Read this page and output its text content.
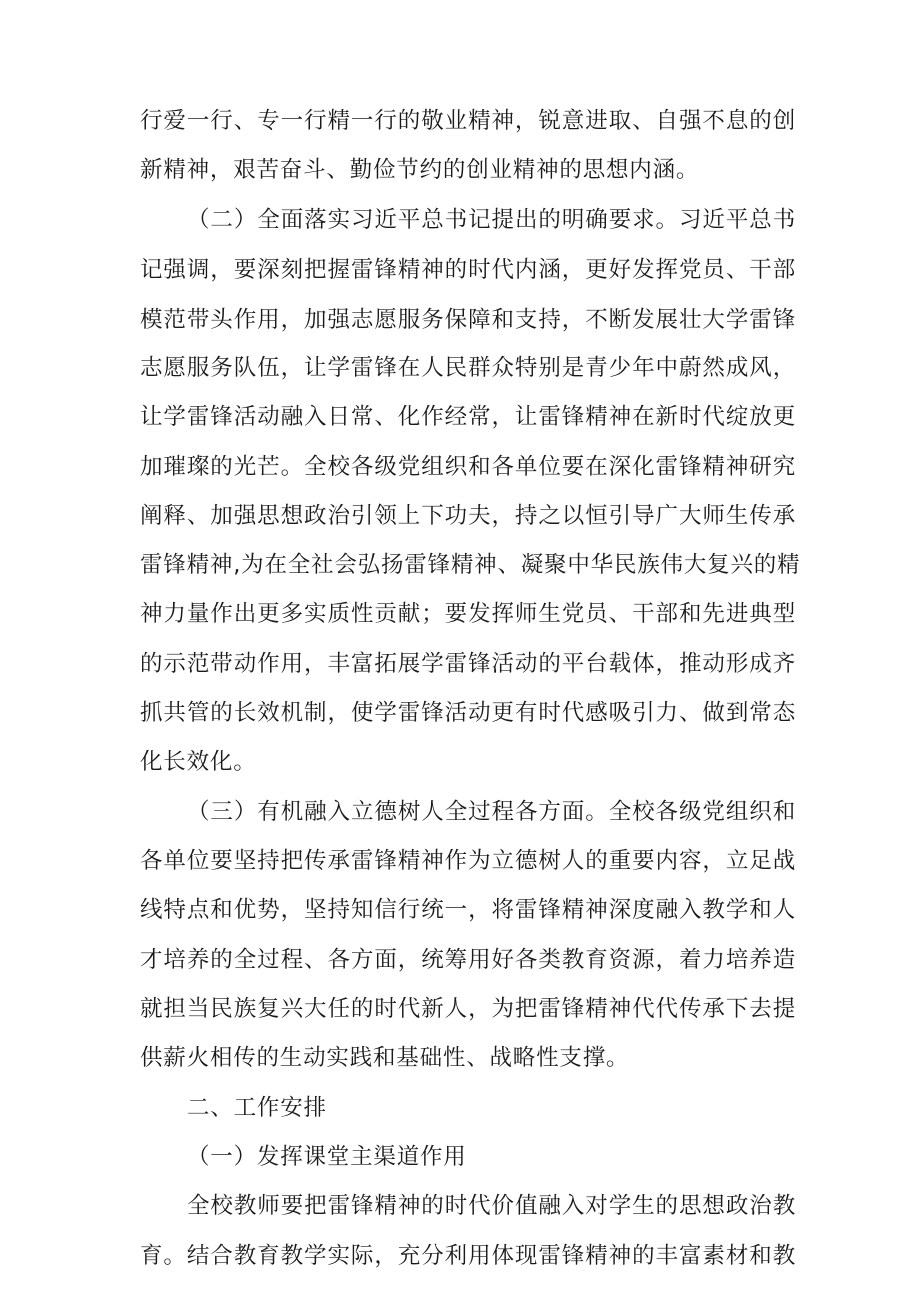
行爱一行、专一行精一行的敬业精神，锐意进取、自强不息的创
新精神，艰苦奋斗、勤俭节约的创业精神的思想内涵。
（二）全面落实习近平总书记提出的明确要求。习近平总书
记强调，要深刻把握雷锋精神的时代内涵，更好发挥党员、干部
模范带头作用，加强志愿服务保障和支持，不断发展壮大学雷锋
志愿服务队伍，让学雷锋在人民群众特别是青少年中蔚然成风，
让学雷锋活动融入日常、化作经常，让雷锋精神在新时代绽放更
加璀璨的光芒。全校各级党组织和各单位要在深化雷锋精神研究
阐释、加强思想政治引领上下功夫，持之以恒引导广大师生传承
雷锋精神,为在全社会弘扬雷锋精神、凝聚中华民族伟大复兴的精
神力量作出更多实质性贡献；要发挥师生党员、干部和先进典型
的示范带动作用，丰富拓展学雷锋活动的平台载体，推动形成齐
抓共管的长效机制，使学雷锋活动更有时代感吸引力、做到常态
化长效化。
（三）有机融入立德树人全过程各方面。全校各级党组织和
各单位要坚持把传承雷锋精神作为立德树人的重要内容，立足战
线特点和优势，坚持知信行统一，将雷锋精神深度融入教学和人
才培养的全过程、各方面，统筹用好各类教育资源，着力培养造
就担当民族复兴大任的时代新人，为把雷锋精神代代传承下去提
供薪火相传的生动实践和基础性、战略性支撑。
二、工作安排
（一）发挥课堂主渠道作用
全校教师要把雷锋精神的时代价值融入对学生的思想政治教
育。结合教育教学实际，充分利用体现雷锋精神的丰富素材和教
